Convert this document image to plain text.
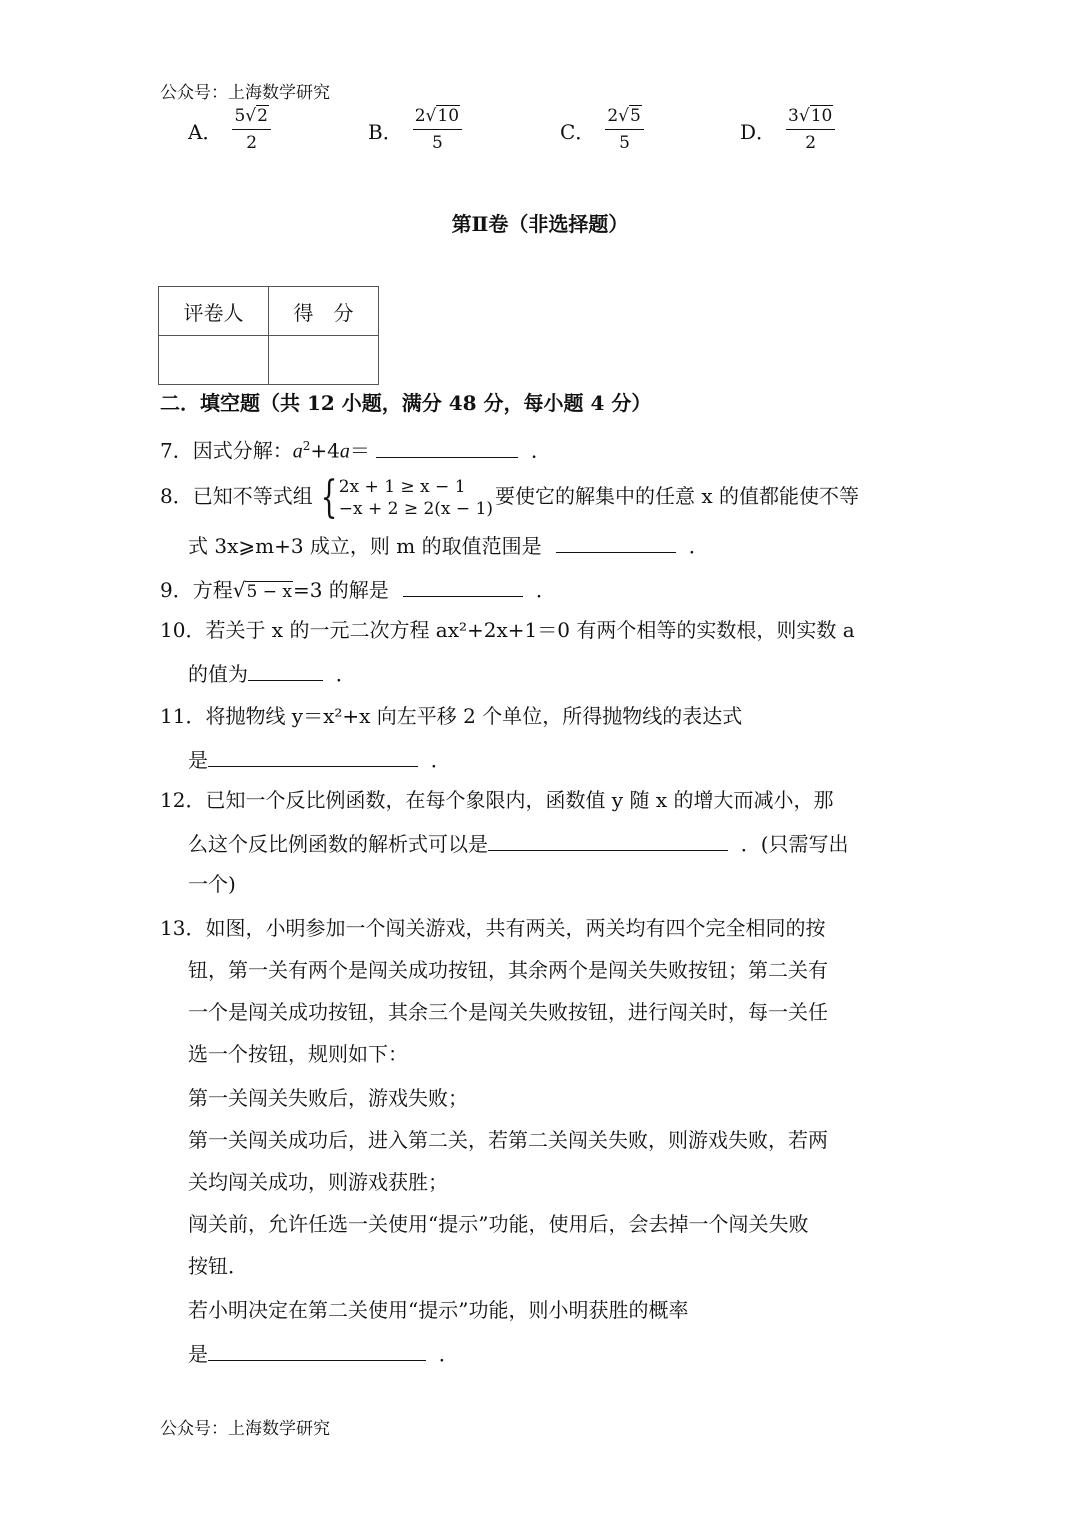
公众号：上海数学研究
A． $\frac{5√2}{2}$	B． $\frac{2√10}{5}$	C． $\frac{2√5}{5}$	D． $\frac{3√10}{2}$
第Ⅱ卷（非选择题）
评卷人	得　分

二．填空题（共 12 小题，满分 48 分，每小题 4 分）
7．因式分解：$a^2+4a=$	．
8．已知不等式组 { 2x + 1 ≥ x − 1
−x + 2 ≥ 2(x − 1)
要使它的解集中的任意 x 的值都能使不等
式 3x⩾m+3 成立，则 m 的取值范围是	．
9．方程√5 − x=3 的解是	．
10．若关于 x 的一元二次方程 ax²+2x+1＝0 有两个相等的实数根，则实数 a
的值为	．
11．将抛物线 y＝x²+x 向左平移 2 个单位，所得抛物线的表达式
是	．
12．已知一个反比例函数，在每个象限内，函数值 y 随 x 的增大而减小，那
么这个反比例函数的解析式可以是	．(只需写出
一个)
13．如图，小明参加一个闯关游戏，共有两关，两关均有四个完全相同的按
钮，第一关有两个是闯关成功按钮，其余两个是闯关失败按钮；第二关有
一个是闯关成功按钮，其余三个是闯关失败按钮，进行闯关时，每一关任
选一个按钮，规则如下：
第一关闯关失败后，游戏失败；
第一关闯关成功后，进入第二关，若第二关闯关失败，则游戏失败，若两
关均闯关成功，则游戏获胜；
闯关前，允许任选一关使用“提示”功能，使用后，会去掉一个闯关失败
按钮．
若小明决定在第二关使用“提示”功能，则小明获胜的概率
是	．
公众号：上海数学研究
